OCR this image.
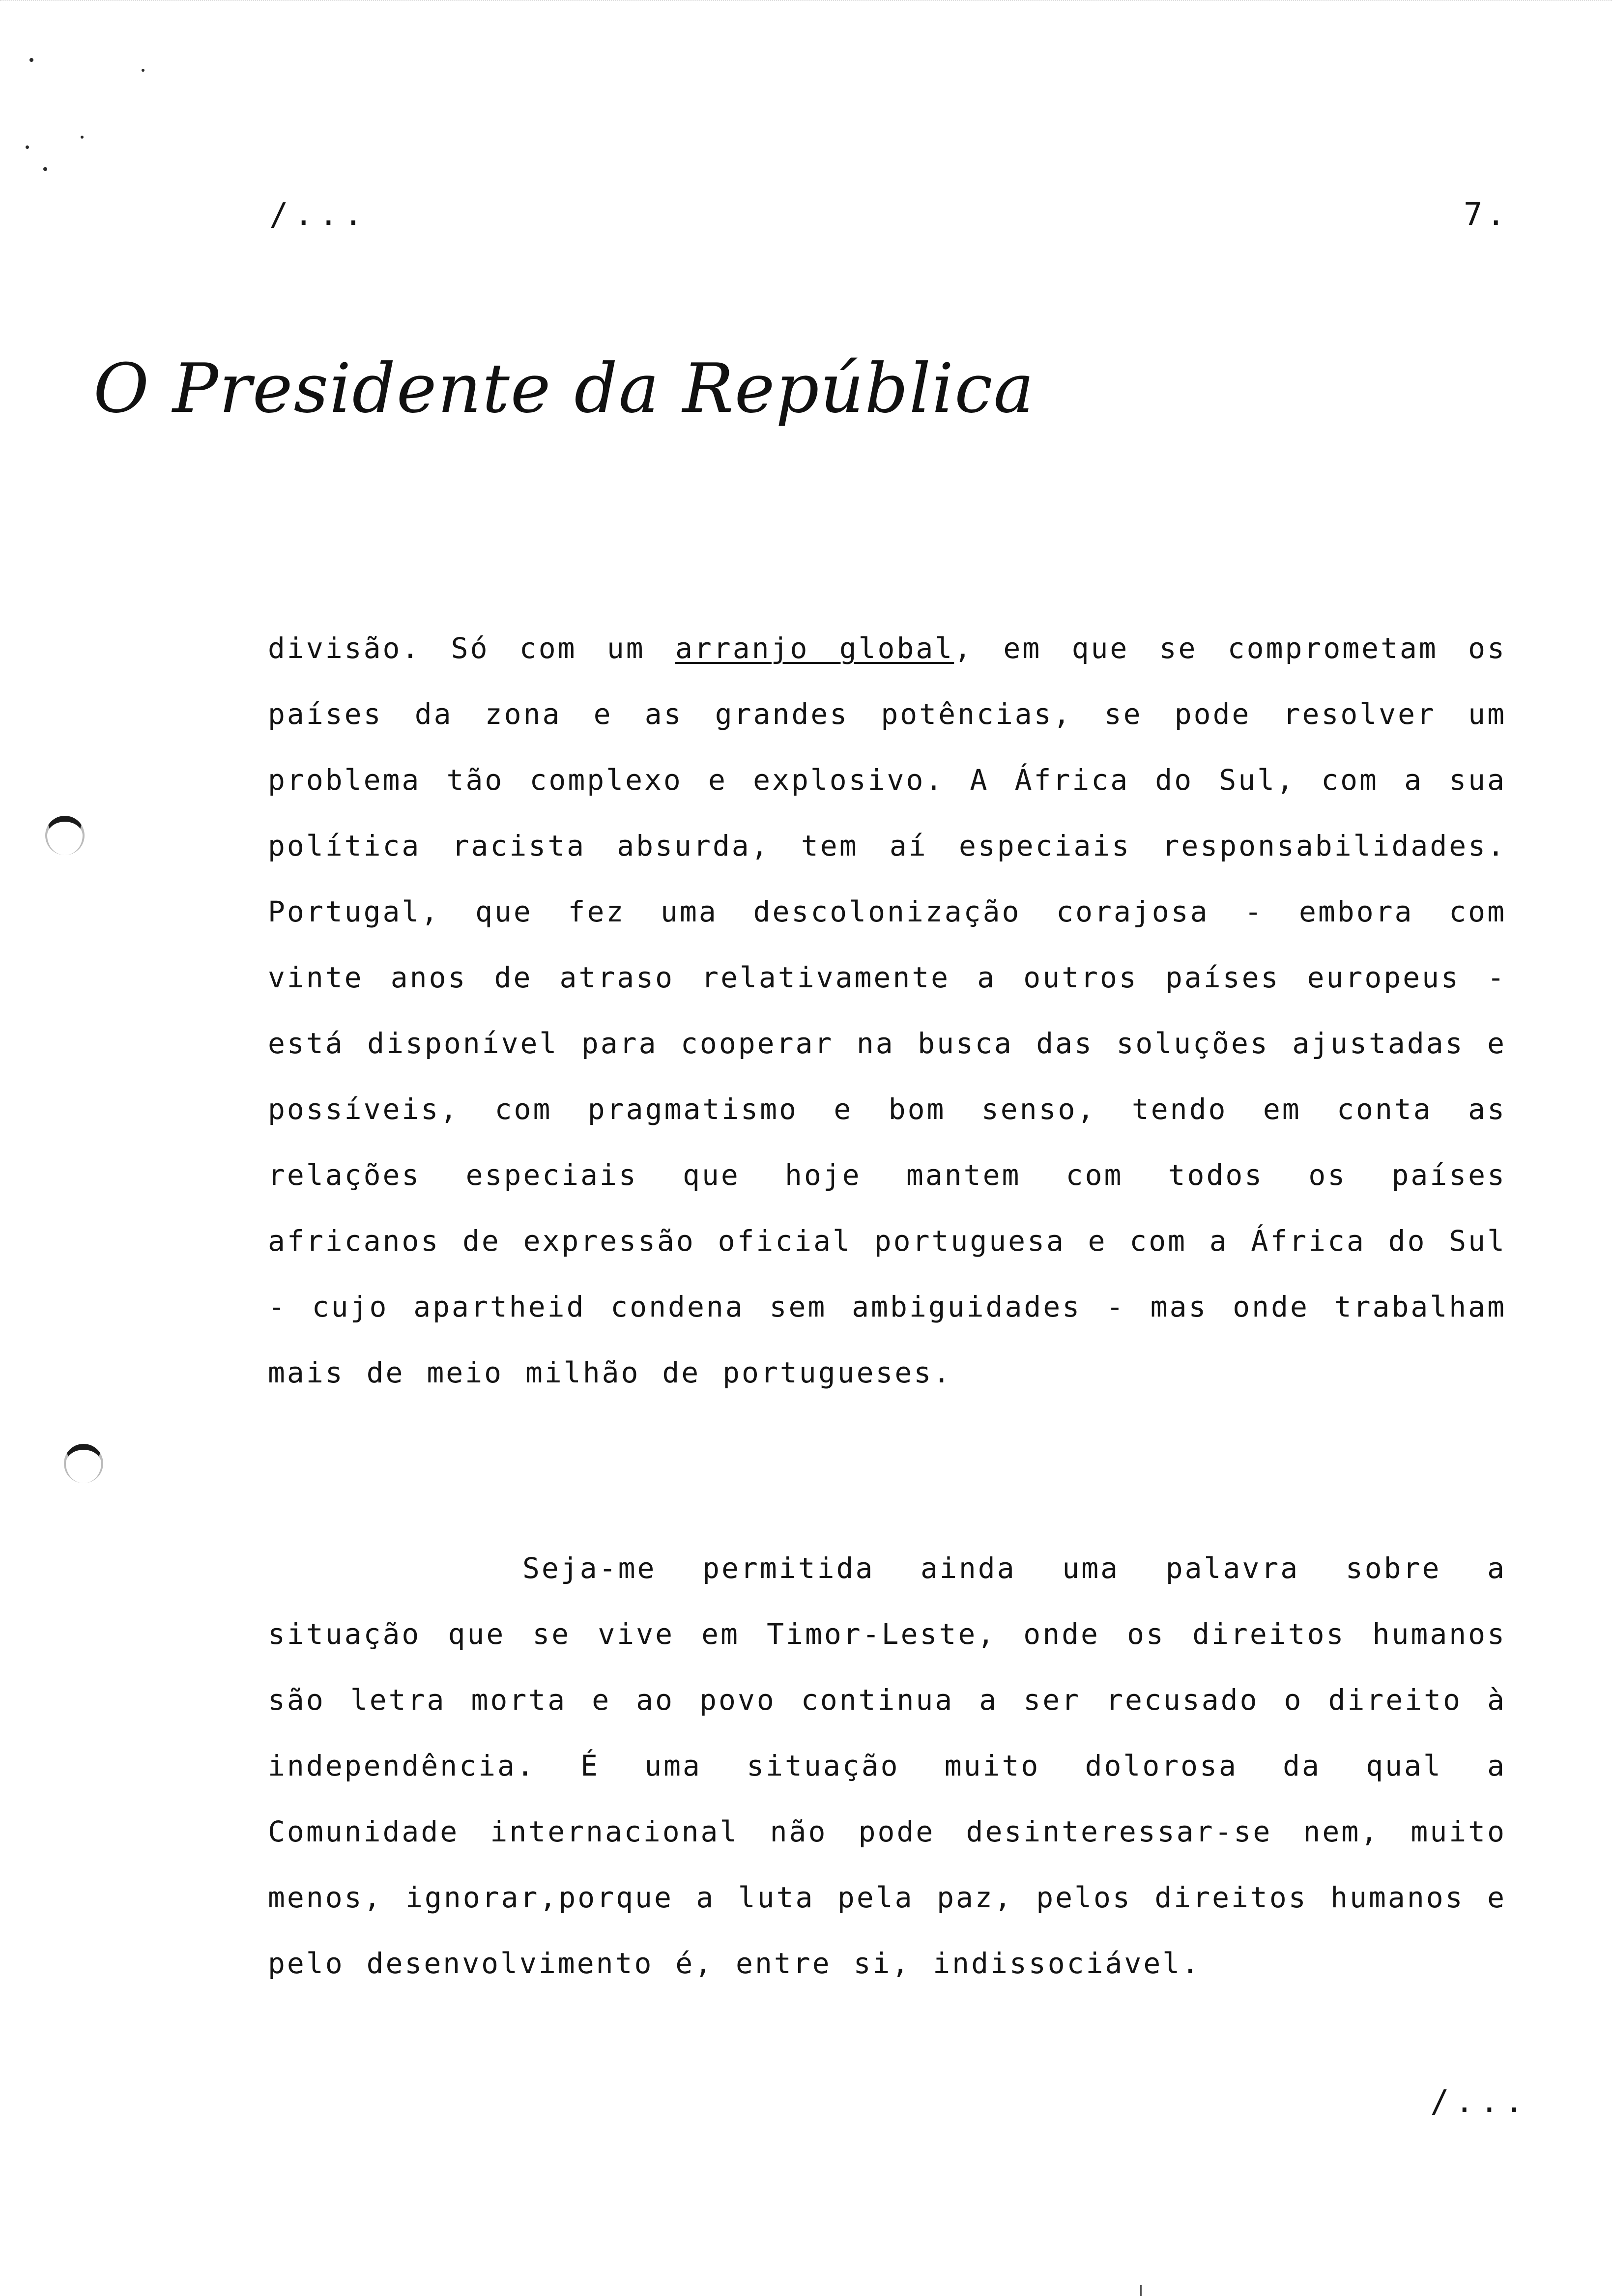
/...	7.
O Presidente da República

divisão. Só com um arranjo global, em que se comprometam os países da zona e as grandes potências, se pode resolver um problema tão complexo e explosivo. A África do Sul, com a sua política racista absurda, tem aí especiais responsabilidades. Portugal, que fez uma descolonização corajosa - embora com vinte anos de atraso relativamente a outros países europeus - está disponível para cooperar na busca das soluções ajustadas e possíveis, com pragmatismo e bom senso, tendo em conta as relações especiais que hoje mantem com todos os países africanos de expressão oficial portuguesa e com a África do Sul - cujo apartheid condena sem ambiguidades - mas onde trabalham mais de meio milhão de portugueses.

Seja-me permitida ainda uma palavra sobre a situação que se vive em Timor-Leste, onde os direitos humanos são letra morta e ao povo continua a ser recusado o direito à independência. É uma situação muito dolorosa da qual a Comunidade internacional não pode desinteressar-se nem, muito menos, ignorar,porque a luta pela paz, pelos direitos humanos e pelo desenvolvimento é, entre si, indissociável.

/...
